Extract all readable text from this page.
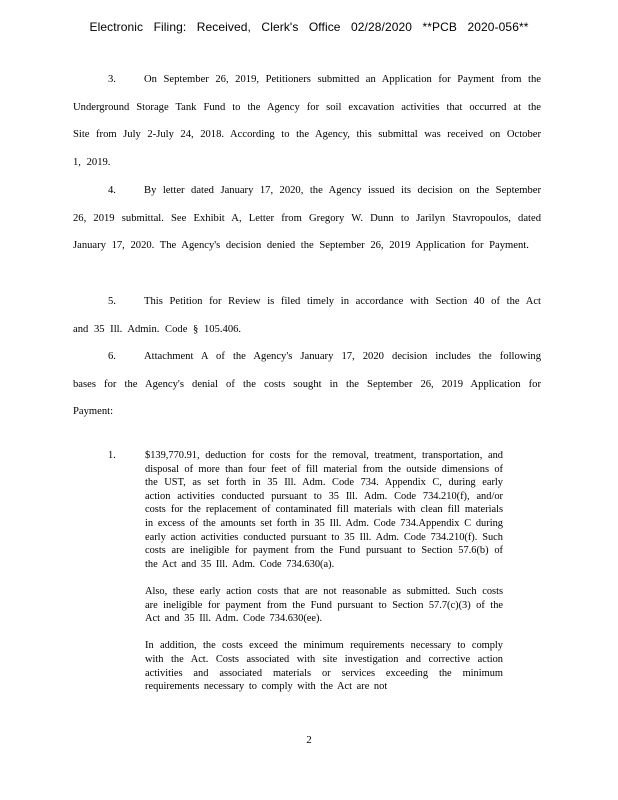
Electronic Filing: Received, Clerk's Office 02/28/2020 **PCB 2020-056**
3.	On September 26, 2019, Petitioners submitted an Application for Payment from the Underground Storage Tank Fund to the Agency for soil excavation activities that occurred at the Site from July 2-July 24, 2018. According to the Agency, this submittal was received on October 1, 2019.
4.	By letter dated January 17, 2020, the Agency issued its decision on the September 26, 2019 submittal. See Exhibit A, Letter from Gregory W. Dunn to Jarilyn Stavropoulos, dated January 17, 2020. The Agency's decision denied the September 26, 2019 Application for Payment.
5.	This Petition for Review is filed timely in accordance with Section 40 of the Act and 35 Ill. Admin. Code § 105.406.
6.	Attachment A of the Agency's January 17, 2020 decision includes the following bases for the Agency's denial of the costs sought in the September 26, 2019 Application for Payment:
1.	$139,770.91, deduction for costs for the removal, treatment, transportation, and disposal of more than four feet of fill material from the outside dimensions of the UST, as set forth in 35 Ill. Adm. Code 734. Appendix C, during early action activities conducted pursuant to 35 Ill. Adm. Code 734.210(f), and/or costs for the replacement of contaminated fill materials with clean fill materials in excess of the amounts set forth in 35 Ill. Adm. Code 734.Appendix C during early action activities conducted pursuant to 35 Ill. Adm. Code 734.210(f). Such costs are ineligible for payment from the Fund pursuant to Section 57.6(b) of the Act and 35 Ill. Adm. Code 734.630(a).

Also, these early action costs that are not reasonable as submitted. Such costs are ineligible for payment from the Fund pursuant to Section 57.7(c)(3) of the Act and 35 Ill. Adm. Code 734.630(ee).

In addition, the costs exceed the minimum requirements necessary to comply with the Act. Costs associated with site investigation and corrective action activities and associated materials or services exceeding the minimum requirements necessary to comply with the Act are not

2
